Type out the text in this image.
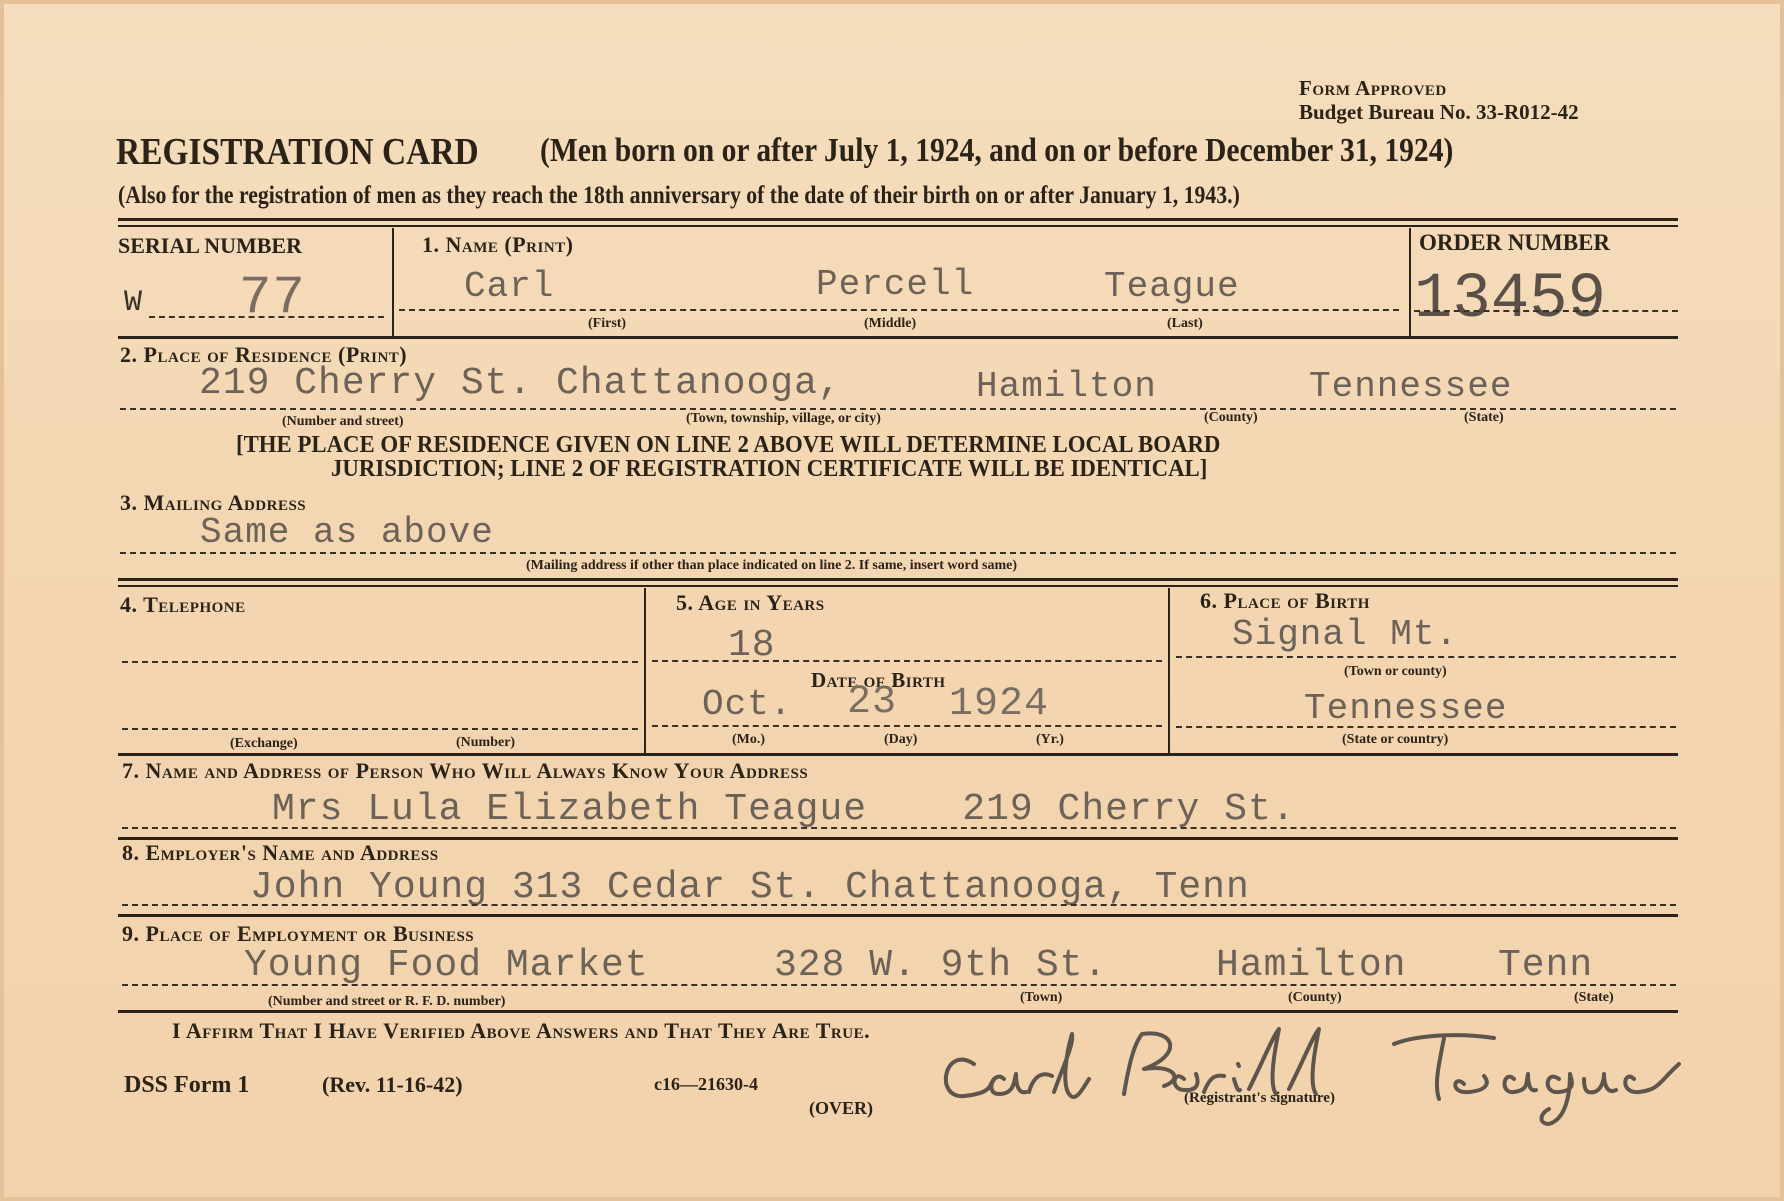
Form Approved
Budget Bureau No. 33-R012-42
REGISTRATION CARD (Men born on or after July 1, 1924, and on or before December 31, 1924)
(Also for the registration of men as they reach the 18th anniversary of the date of their birth on or after January 1, 1943.)
SERIAL NUMBER
W 77
1. Name (Print)
Carl	Percell	Teague
(First)	(Middle)	(Last)
ORDER NUMBER
13459
2. Place of Residence (Print)
219 Cherry St. Chattanooga,	Hamilton	Tennessee
(Number and street)	(Town, township, village, or city)	(County)	(State)
[THE PLACE OF RESIDENCE GIVEN ON LINE 2 ABOVE WILL DETERMINE LOCAL BOARD
JURISDICTION; LINE 2 OF REGISTRATION CERTIFICATE WILL BE IDENTICAL]
3. Mailing Address
Same as above
(Mailing address if other than place indicated on line 2. If same, insert word same)
4. Telephone
(Exchange)	(Number)
5. Age in Years
18
Date of Birth
Oct. 23 1924
(Mo.)	(Day)	(Yr.)
6. Place of Birth
Signal Mt.
(Town or county)
Tennessee
(State or country)
7. Name and Address of Person Who Will Always Know Your Address
Mrs Lula Elizabeth Teague    219 Cherry St.
8. Employer's Name and Address
John Young 313 Cedar St. Chattanooga, Tenn
9. Place of Employment or Business
Young Food Market	328 W. 9th St.	Hamilton Tenn
(Number and street or R. F. D. number)	(Town)	(County)	(State)
I Affirm That I Have Verified Above Answers and That They Are True.
DSS Form 1	(Rev. 11-16-42)	c16—21630-4
(OVER)	(Registrant's signature)
